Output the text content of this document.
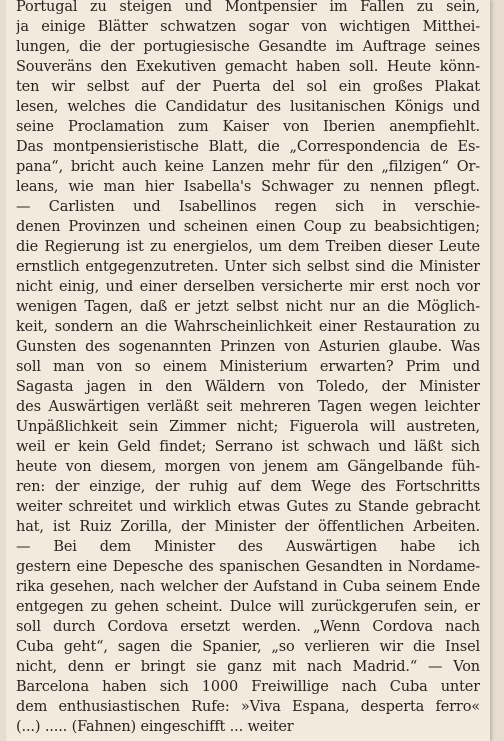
Portugal zu steigen und Montpensier im Fallen zu sein,
ja einige Blätter schwatzen sogar von wichtigen Mitthei-
lungen, die der portugiesische Gesandte im Auftrage seines
Souveräns den Exekutiven gemacht haben soll. Heute könn-
ten wir selbst auf der Puerta del sol ein großes Plakat
lesen, welches die Candidatur des lusitanischen Königs und
seine Proclamation zum Kaiser von Iberien anempfiehlt.
Das montpensieristische Blatt, die „Correspondencia de Es-
pana“, bricht auch keine Lanzen mehr für den „filzigen“ Or-
leans, wie man hier Isabella's Schwager zu nennen pflegt.
— Carlisten und Isabellinos regen sich in verschie-
denen Provinzen und scheinen einen Coup zu beabsichtigen;
die Regierung ist zu energielos, um dem Treiben dieser Leute
ernstlich entgegenzutreten. Unter sich selbst sind die Minister
nicht einig, und einer derselben versicherte mir erst noch vor
wenigen Tagen, daß er jetzt selbst nicht nur an die Möglich-
keit, sondern an die Wahrscheinlichkeit einer Restauration zu
Gunsten des sogenannten Prinzen von Asturien glaube. Was
soll man von so einem Ministerium erwarten? Prim und
Sagasta jagen in den Wäldern von Toledo, der Minister
des Auswärtigen verläßt seit mehreren Tagen wegen leichter
Unpäßlichkeit sein Zimmer nicht; Figuerola will austreten,
weil er kein Geld findet; Serrano ist schwach und läßt sich
heute von diesem, morgen von jenem am Gängelbande füh-
ren: der einzige, der ruhig auf dem Wege des Fortschritts
weiter schreitet und wirklich etwas Gutes zu Stande gebracht
hat, ist Ruiz Zorilla, der Minister der öffentlichen Arbeiten.
— Bei dem Minister des Auswärtigen habe ich
gestern eine Depesche des spanischen Gesandten in Nordame-
rika gesehen, nach welcher der Aufstand in Cuba seinem Ende
entgegen zu gehen scheint. Dulce will zurückgerufen sein, er
soll durch Cordova ersetzt werden. „Wenn Cordova nach
Cuba geht“, sagen die Spanier, „so verlieren wir die Insel
nicht, denn er bringt sie ganz mit nach Madrid.“ — Von
Barcelona haben sich 1000 Freiwillige nach Cuba unter
dem enthusiastischen Rufe: »Viva Espana, desperta ferro«
(...) ..... (Fahnen) eingeschifft ... weiter
